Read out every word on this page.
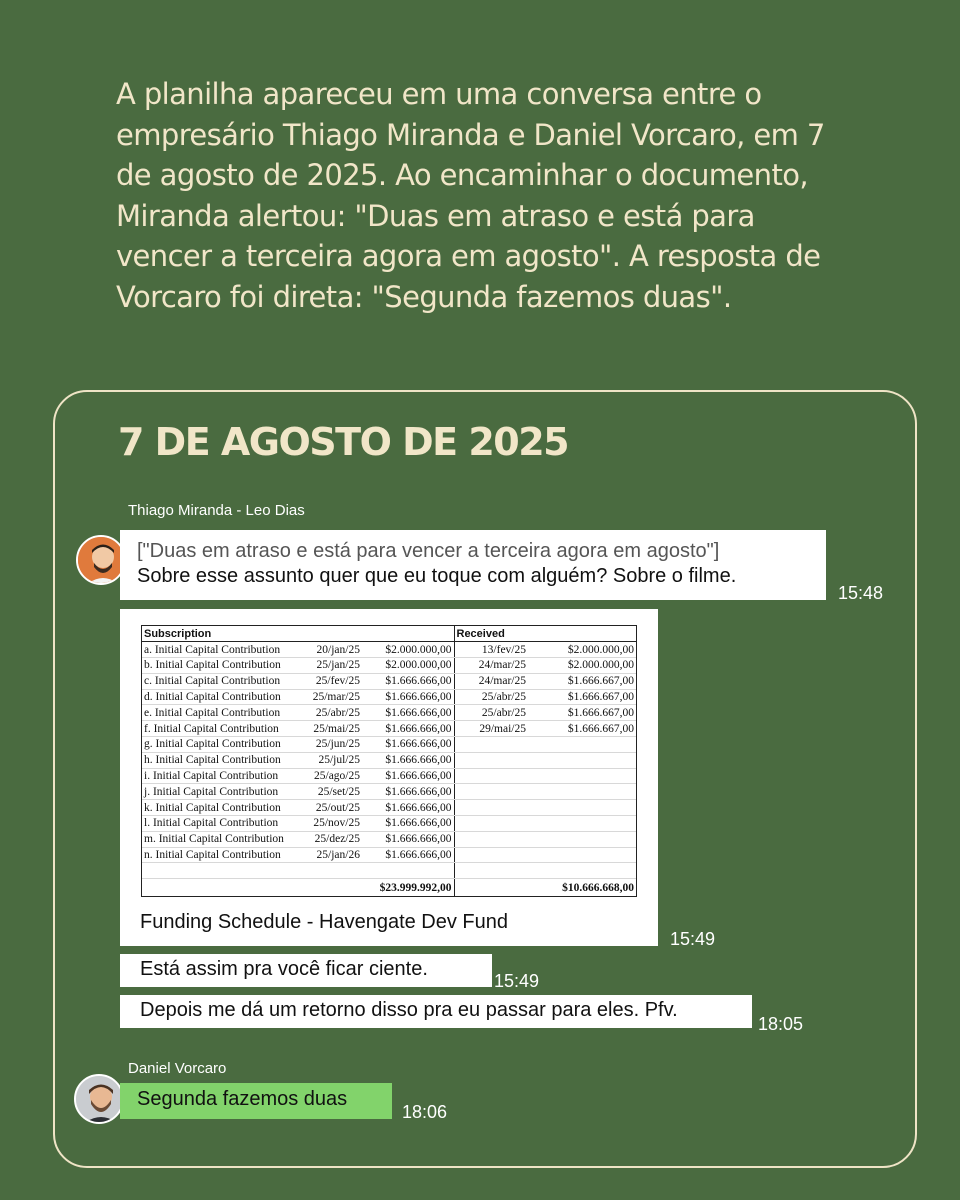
A planilha apareceu em uma conversa entre o empresário Thiago Miranda e Daniel Vorcaro, em 7 de agosto de 2025. Ao encaminhar o documento, Miranda alertou: "Duas em atraso e está para vencer a terceira agora em agosto". A resposta de Vorcaro foi direta: "Segunda fazemos duas".
7 DE AGOSTO DE 2025
Thiago Miranda - Leo Dias
["Duas em atraso e está para vencer a terceira agora em agosto"]
Sobre esse assunto quer que eu toque com alguém? Sobre o filme.
15:48
Funding Schedule - Havengate Dev Fund
Subscription			Received	
a. Initial Capital Contribution	20/jan/25	$2.000.000,00	13/fev/25	$2.000.000,00
b. Initial Capital Contribution	25/jan/25	$2.000.000,00	24/mar/25	$2.000.000,00
c. Initial Capital Contribution	25/fev/25	$1.666.666,00	24/mar/25	$1.666.667,00
d. Initial Capital Contribution	25/mar/25	$1.666.666,00	25/abr/25	$1.666.667,00
e. Initial Capital Contribution	25/abr/25	$1.666.666,00	25/abr/25	$1.666.667,00
f. Initial Capital Contribution	25/mai/25	$1.666.666,00	29/mai/25	$1.666.667,00
g. Initial Capital Contribution	25/jun/25	$1.666.666,00		
h. Initial Capital Contribution	25/jul/25	$1.666.666,00		
i. Initial Capital Contribution	25/ago/25	$1.666.666,00		
j. Initial Capital Contribution	25/set/25	$1.666.666,00		
k. Initial Capital Contribution	25/out/25	$1.666.666,00		
l. Initial Capital Contribution	25/nov/25	$1.666.666,00		
m. Initial Capital Contribution	25/dez/25	$1.666.666,00		
n. Initial Capital Contribution	25/jan/26	$1.666.666,00		

		$23.999.992,00		$10.666.668,00
15:49
Está assim pra você ficar ciente.
15:49
Depois me dá um retorno disso pra eu passar para eles. Pfv.
18:05
Daniel Vorcaro
Segunda fazemos duas
18:06
